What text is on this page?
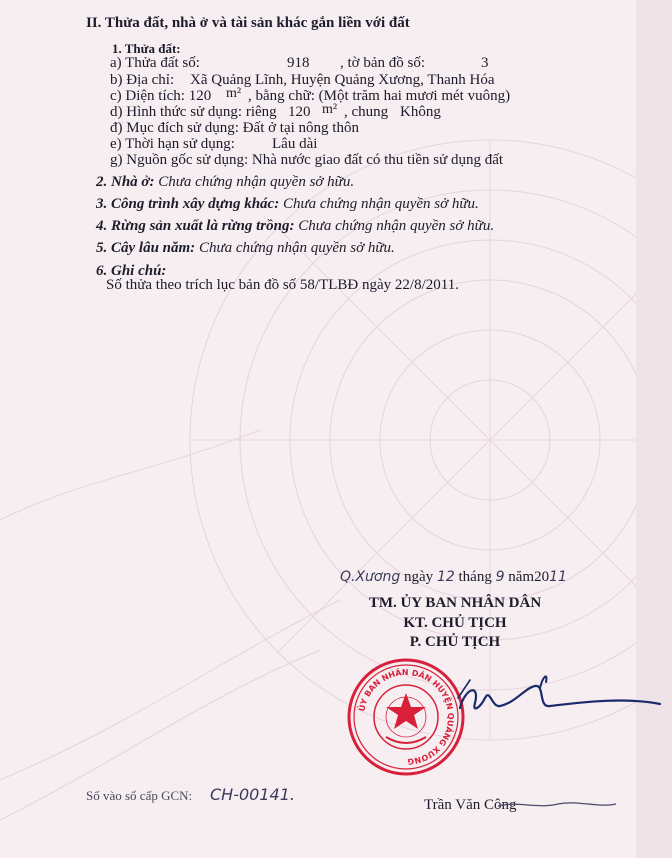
II. Thửa đất, nhà ở và tài sản khác gắn liền với đất
1. Thửa đất:
a) Thửa đất số:	918 , tờ bản đồ số:	3
b) Địa chỉ: Xã Quảng Lĩnh, Huyện Quảng Xương, Thanh Hóa
c) Diện tích: 120 m² , bằng chữ: (Một trăm hai mươi mét vuông)
d) Hình thức sử dụng: riêng 120 m² , chung Không
đ) Mục đích sử dụng: Đất ở tại nông thôn
e) Thời hạn sử dụng: Lâu dài
g) Nguồn gốc sử dụng: Nhà nước giao đất có thu tiền sử dụng đất
2. Nhà ở: Chưa chứng nhận quyền sở hữu.
3. Công trình xây dựng khác: Chưa chứng nhận quyền sở hữu.
4. Rừng sản xuất là rừng trồng: Chưa chứng nhận quyền sở hữu.
5. Cây lâu năm: Chưa chứng nhận quyền sở hữu.
6. Ghi chú:
Số thửa theo trích lục bản đồ số 58/TLBĐ ngày 22/8/2011.
Q.Xương ngày 12 tháng 9 năm2011
TM. ỦY BAN NHÂN DÂN
KT. CHỦ TỊCH
P. CHỦ TỊCH
ỦY BAN NHÂN DÂN HUYỆN QUẢNG XƯƠNG
Trần Văn Công
Số vào sổ cấp GCN: CH-00141.
